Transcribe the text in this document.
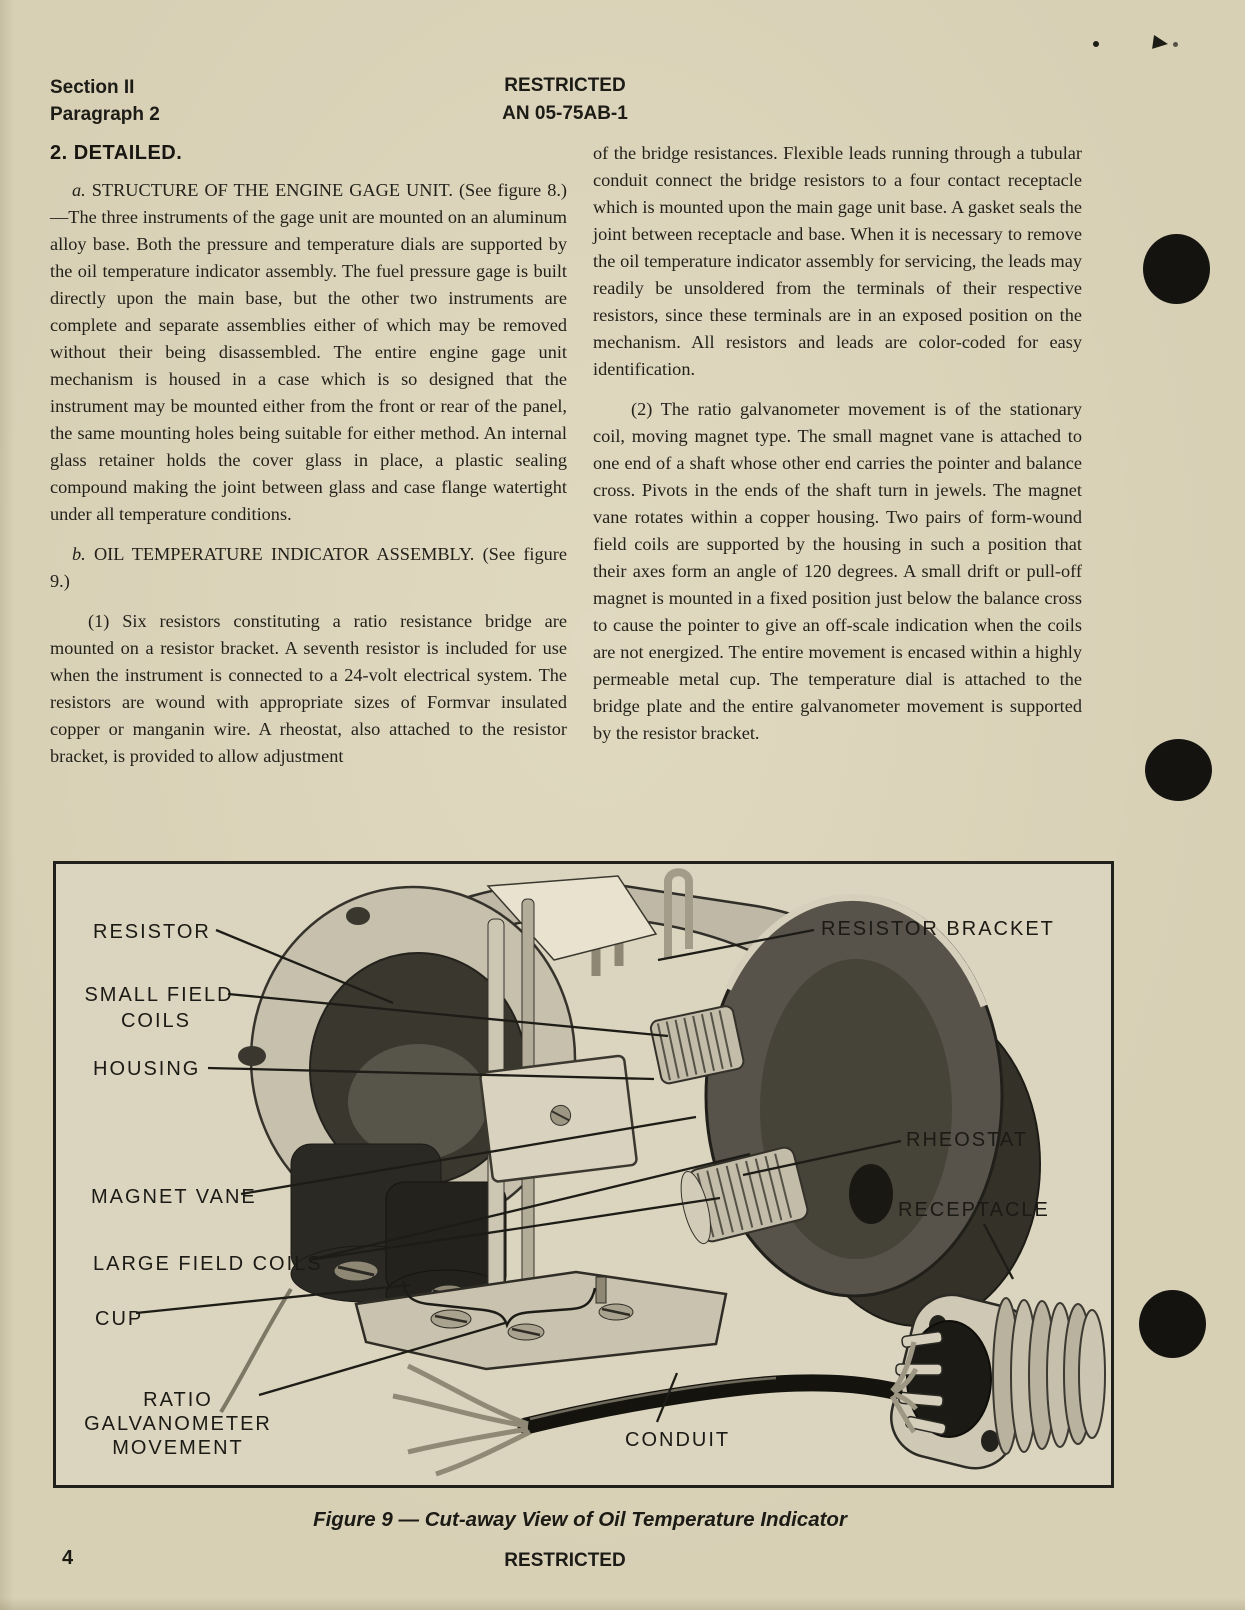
Section II
Paragraph 2
RESTRICTED
AN 05-75AB-1
2. DETAILED.

a. STRUCTURE OF THE ENGINE GAGE UNIT. (See figure 8.)—The three instruments of the gage unit are mounted on an aluminum alloy base. Both the pressure and temperature dials are supported by the oil temperature indicator assembly. The fuel pressure gage is built directly upon the main base, but the other two instruments are complete and separate assemblies either of which may be removed without their being disassembled. The entire engine gage unit mechanism is housed in a case which is so designed that the instrument may be mounted either from the front or rear of the panel, the same mounting holes being suitable for either method. An internal glass retainer holds the cover glass in place, a plastic sealing compound making the joint between glass and case flange watertight under all temperature conditions.

b. OIL TEMPERATURE INDICATOR ASSEMBLY. (See figure 9.)

(1) Six resistors constituting a ratio resistance bridge are mounted on a resistor bracket. A seventh resistor is included for use when the instrument is connected to a 24-volt electrical system. The resistors are wound with appropriate sizes of Formvar insulated copper or manganin wire. A rheostat, also attached to the resistor bracket, is provided to allow adjustment

of the bridge resistances. Flexible leads running through a tubular conduit connect the bridge resistors to a four contact receptacle which is mounted upon the main gage unit base. A gasket seals the joint between receptacle and base. When it is necessary to remove the oil temperature indicator assembly for servicing, the leads may readily be unsoldered from the terminals of their respective resistors, since these terminals are in an exposed position on the mechanism. All resistors and leads are color-coded for easy identification.

(2) The ratio galvanometer movement is of the stationary coil, moving magnet type. The small magnet vane is attached to one end of a shaft whose other end carries the pointer and balance cross. Pivots in the ends of the shaft turn in jewels. The magnet vane rotates within a copper housing. Two pairs of form-wound field coils are supported by the housing in such a position that their axes form an angle of 120 degrees. A small drift or pull-off magnet is mounted in a fixed position just below the balance cross to cause the pointer to give an off-scale indication when the coils are not energized. The entire movement is encased within a highly permeable metal cup. The temperature dial is attached to the bridge plate and the entire galvanometer movement is supported by the resistor bracket.

RESISTOR
SMALL FIELD
COILS
HOUSING
MAGNET VANE
LARGE FIELD COILS
CUP
RATIO
GALVANOMETER
MOVEMENT
RESISTOR BRACKET
RHEOSTAT
RECEPTACLE
CONDUIT
Figure 9 — Cut-away View of Oil Temperature Indicator
4	RESTRICTED
